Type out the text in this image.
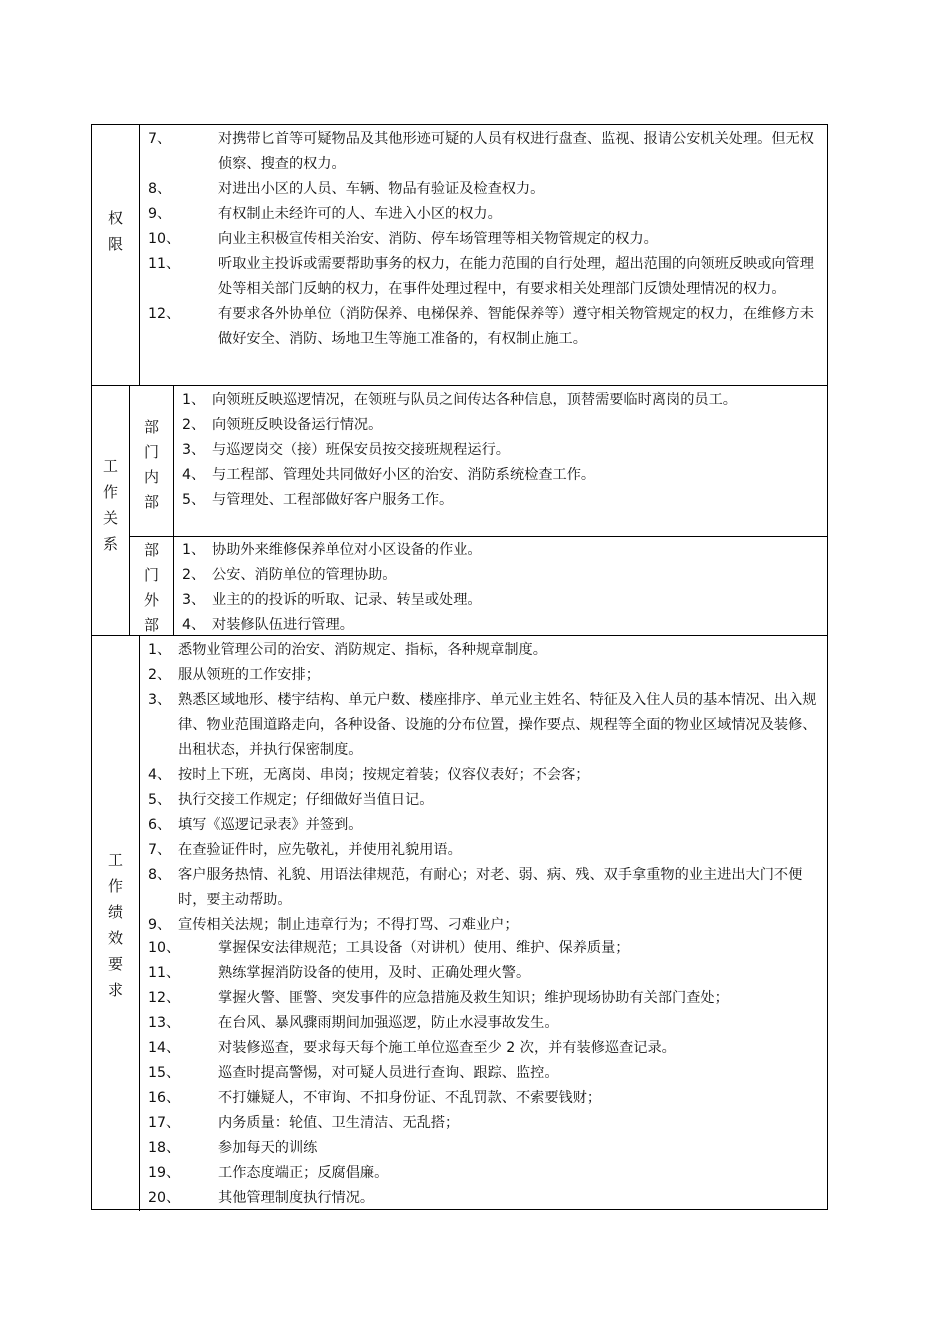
权限
7、	对携带匕首等可疑物品及其他形迹可疑的人员有权进行盘查、监视、报请公安机关处理。但无权侦察、搜查的权力。
8、	对进出小区的人员、车辆、物品有验证及检查权力。
9、	有权制止未经许可的人、车进入小区的权力。
10、	向业主积极宣传相关治安、消防、停车场管理等相关物管规定的权力。
11、	听取业主投诉或需要帮助事务的权力，在能力范围的自行处理，超出范围的向领班反映或向管理处等相关部门反蚋的权力，在事件处理过程中，有要求相关处理部门反馈处理情况的权力。
12、	有要求各外协单位（消防保养、电梯保养、智能保养等）遵守相关物管规定的权力，在维修方未做好安全、消防、场地卫生等施工准备的，有权制止施工。
工作关系
部门内部
1、 向领班反映巡逻情况，在领班与队员之间传达各种信息，顶替需要临时离岗的员工。
2、 向领班反映设备运行情况。
3、 与巡逻岗交（接）班保安员按交接班规程运行。
4、 与工程部、管理处共同做好小区的治安、消防系统检查工作。
5、 与管理处、工程部做好客户服务工作。
部门外部
1、 协助外来维修保养单位对小区设备的作业。
2、 公安、消防单位的管理协助。
3、 业主的的投诉的听取、记录、转呈或处理。
4、 对装修队伍进行管理。
工作绩效要求
1、 悉物业管理公司的治安、消防规定、指标，各种规章制度。
2、 服从领班的工作安排；
3、 熟悉区域地形、楼宇结构、单元户数、楼座排序、单元业主姓名、特征及入住人员的基本情况、出入规律、物业范围道路走向，各种设备、设施的分布位置，操作要点、规程等全面的物业区域情况及装修、出租状态，并执行保密制度。
4、 按时上下班，无离岗、串岗；按规定着装；仪容仪表好；不会客；
5、 执行交接工作规定；仔细做好当值日记。
6、 填写《巡逻记录表》并签到。
7、 在查验证件时，应先敬礼，并使用礼貌用语。
8、 客户服务热情、礼貌、用语法律规范，有耐心；对老、弱、病、残、双手拿重物的业主进出大门不便时，要主动帮助。
9、 宣传相关法规；制止违章行为；不得打骂、刁难业户；
10、	掌握保安法律规范；工具设备（对讲机）使用、维护、保养质量；
11、	熟练掌握消防设备的使用，及时、正确处理火警。
12、	掌握火警、匪警、突发事件的应急措施及救生知识；维护现场协助有关部门查处；
13、	在台风、暴风骤雨期间加强巡逻，防止水浸事故发生。
14、	对装修巡查，要求每天每个施工单位巡查至少 2 次，并有装修巡查记录。
15、	巡查时提高警惕，对可疑人员进行查询、跟踪、监控。
16、	不打嫌疑人，不审询、不扣身份证、不乱罚款、不索要钱财；
17、	内务质量：轮值、卫生清洁、无乱搭；
18、	参加每天的训练
19、	工作态度端正；反腐倡廉。
20、	其他管理制度执行情况。
